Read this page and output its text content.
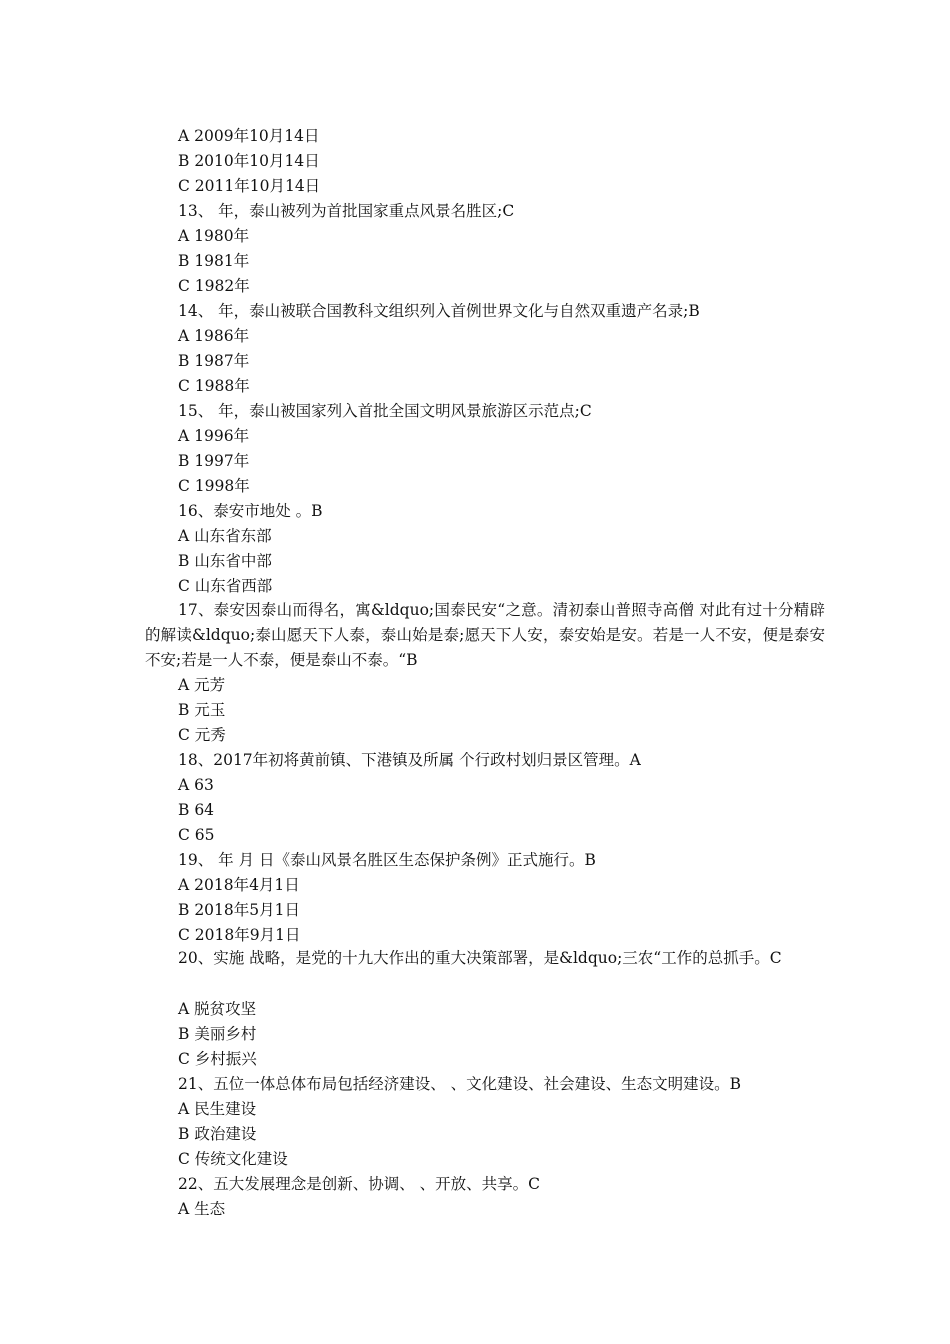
A 2009年10月14日
B 2010年10月14日
C 2011年10月14日
13、 年，泰山被列为首批国家重点风景名胜区;C
A 1980年
B 1981年
C 1982年
14、 年，泰山被联合国教科文组织列入首例世界文化与自然双重遗产名录;B
A 1986年
B 1987年
C 1988年
15、 年，泰山被国家列入首批全国文明风景旅游区示范点;C
A 1996年
B 1997年
C 1998年
16、泰安市地处 。B
A 山东省东部
B 山东省中部
C 山东省西部
17、泰安因泰山而得名，寓&ldquo;国泰民安“之意。清初泰山普照寺高僧 对此有过十分精辟的解读&ldquo;泰山愿天下人泰，泰山始是泰;愿天下人安，泰安始是安。若是一人不安，便是泰安不安;若是一人不泰，便是泰山不泰。“B
A 元芳
B 元玉
C 元秀
18、2017年初将黄前镇、下港镇及所属 个行政村划归景区管理。A
A 63
B 64
C 65
19、 年 月 日《泰山风景名胜区生态保护条例》正式施行。B
A 2018年4月1日
B 2018年5月1日
C 2018年9月1日
20、实施 战略，是党的十九大作出的重大决策部署，是&ldquo;三农“工作的总抓手。C
A 脱贫攻坚
B 美丽乡村
C 乡村振兴
21、五位一体总体布局包括经济建设、 、文化建设、社会建设、生态文明建设。B
A 民生建设
B 政治建设
C 传统文化建设
22、五大发展理念是创新、协调、 、开放、共享。C
A 生态
